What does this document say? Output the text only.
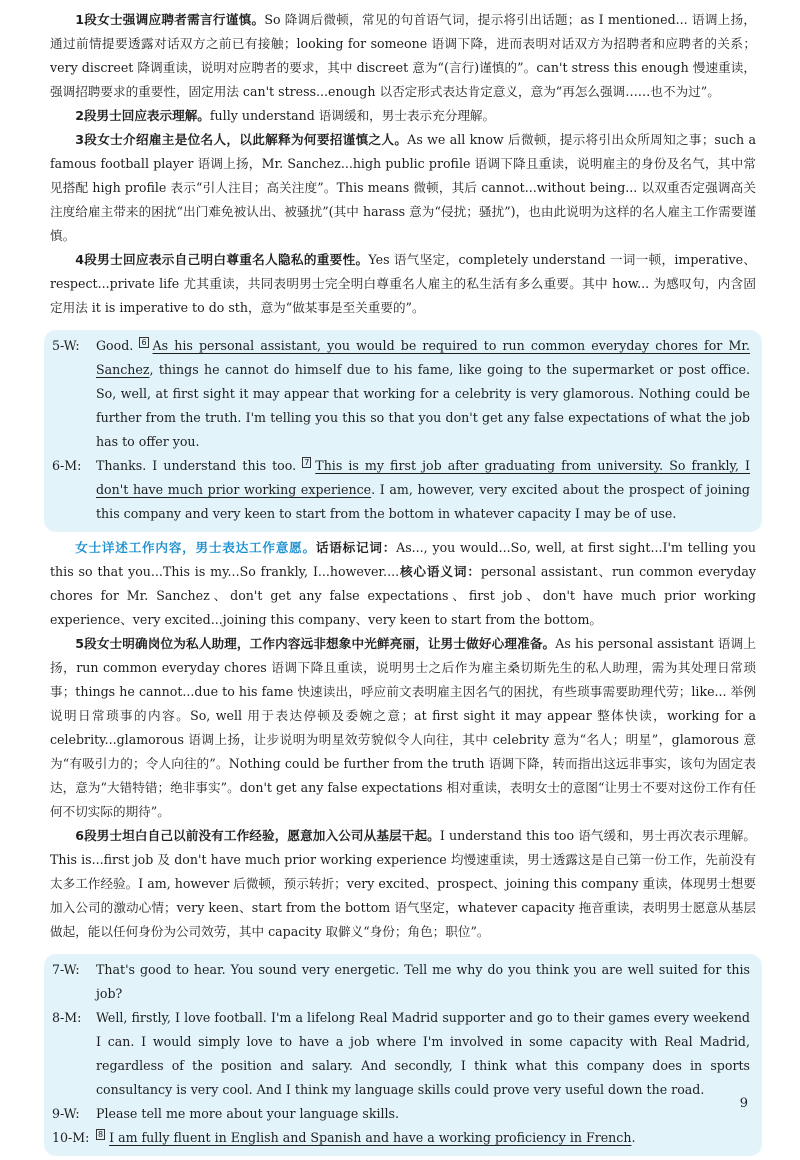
1段女士强调应聘者需言行谨慎。So 降调后微顿，常见的句首语气词，提示将引出话题；as I mentioned... 语调上扬，通过前情提要透露对话双方之前已有接触；looking for someone 语调下降，进而表明对话双方为招聘者和应聘者的关系；very discreet 降调重读，说明对应聘者的要求，其中 discreet 意为“(言行)谨慎的”。can't stress this enough 慢速重读，强调招聘要求的重要性，固定用法 can't stress...enough 以否定形式表达肯定意义，意为“再怎么强调……也不为过”。

2段男士回应表示理解。fully understand 语调缓和，男士表示充分理解。

3段女士介绍雇主是位名人，以此解释为何要招谨慎之人。As we all know 后微顿，提示将引出众所周知之事；such a famous football player 语调上扬，Mr. Sanchez...high public profile 语调下降且重读，说明雇主的身份及名气，其中常见搭配 high profile 表示“引人注目；高关注度”。This means 微顿，其后 cannot...without being... 以双重否定强调高关注度给雇主带来的困扰“出门难免被认出、被骚扰”(其中 harass 意为“侵扰；骚扰”)，也由此说明为这样的名人雇主工作需要谨慎。

4段男士回应表示自己明白尊重名人隐私的重要性。Yes 语气坚定，completely understand 一词一顿，imperative、respect...private life 尤其重读，共同表明男士完全明白尊重名人雇主的私生活有多么重要。其中 how... 为感叹句，内含固定用法 it is imperative to do sth，意为“做某事是至关重要的”。

5-W:	Good. 6 As his personal assistant, you would be required to run common everyday chores for Mr. Sanchez, things he cannot do himself due to his fame, like going to the supermarket or post office. So, well, at first sight it may appear that working for a celebrity is very glamorous. Nothing could be further from the truth. I'm telling you this so that you don't get any false expectations of what the job has to offer you.
6-M:	Thanks. I understand this too. 7 This is my first job after graduating from university. So frankly, I don't have much prior working experience. I am, however, very excited about the prospect of joining this company and very keen to start from the bottom in whatever capacity I may be of use.

女士详述工作内容，男士表达工作意愿。话语标记词：As..., you would...So, well, at first sight...I'm telling you this so that you...This is my...So frankly, I...however....核心语义词：personal assistant、run common everyday chores for Mr. Sanchez、don't get any false expectations、first job、don't have much prior working experience、very excited...joining this company、very keen to start from the bottom。

5段女士明确岗位为私人助理，工作内容远非想象中光鲜亮丽，让男士做好心理准备。As his personal assistant 语调上扬，run common everyday chores 语调下降且重读，说明男士之后作为雇主桑切斯先生的私人助理，需为其处理日常琐事；things he cannot...due to his fame 快速读出，呼应前文表明雇主因名气的困扰，有些琐事需要助理代劳；like... 举例说明日常琐事的内容。So, well 用于表达停顿及委婉之意；at first sight it may appear 整体快读，working for a celebrity...glamorous 语调上扬，让步说明为明星效劳貌似令人向往，其中 celebrity 意为“名人；明星”，glamorous 意为“有吸引力的；令人向往的”。Nothing could be further from the truth 语调下降，转而指出这远非事实，该句为固定表达，意为“大错特错；绝非事实”。don't get any false expectations 相对重读，表明女士的意图“让男士不要对这份工作有任何不切实际的期待”。

6段男士坦白自己以前没有工作经验，愿意加入公司从基层干起。I understand this too 语气缓和，男士再次表示理解。This is...first job 及 don't have much prior working experience 均慢速重读，男士透露这是自己第一份工作，先前没有太多工作经验。I am, however 后微顿，预示转折；very excited、prospect、joining this company 重读，体现男士想要加入公司的激动心情；very keen、start from the bottom 语气坚定，whatever capacity 拖音重读，表明男士愿意从基层做起，能以任何身份为公司效劳，其中 capacity 取僻义“身份；角色；职位”。

7-W:	That's good to hear. You sound very energetic. Tell me why do you think you are well suited for this job?
8-M:	Well, firstly, I love football. I'm a lifelong Real Madrid supporter and go to their games every weekend I can. I would simply love to have a job where I'm involved in some capacity with Real Madrid, regardless of the position and salary. And secondly, I think what this company does in sports consultancy is very cool. And I think my language skills could prove very useful down the road.
9-W:	Please tell me more about your language skills.
10-M:	8 I am fully fluent in English and Spanish and have a working proficiency in French.
9
